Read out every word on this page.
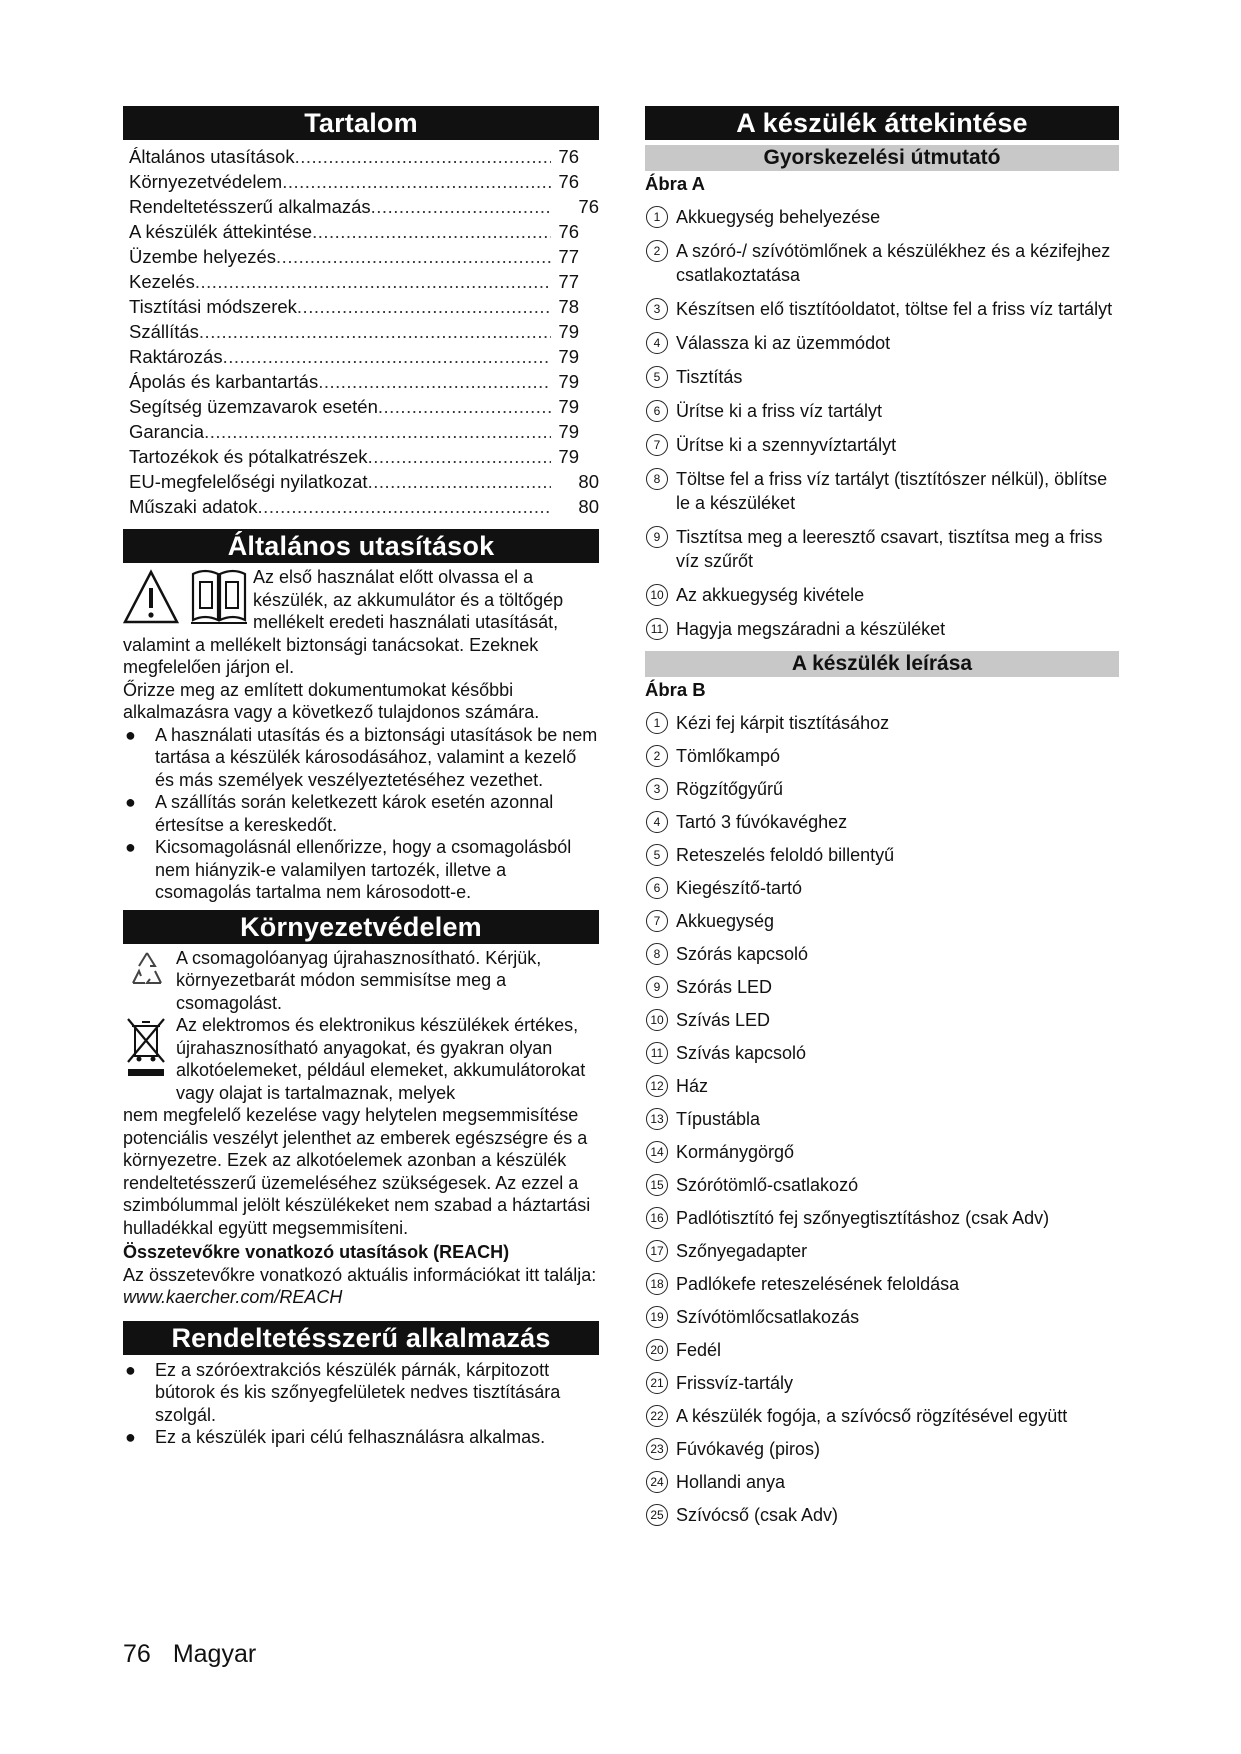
Tartalom
Általános utasítások .....	76
Környezetvédelem .....	76
Rendeltetésszerű alkalmazás .....	76
A készülék áttekintése .....	76
Üzembe helyezés .....	77
Kezelés .....	77
Tisztítási módszerek .....	78
Szállítás .....	79
Raktározás .....	79
Ápolás és karbantartás .....	79
Segítség üzemzavarok esetén .....	79
Garancia .....	79
Tartozékok és pótalkatrészek .....	79
EU-megfelelőségi nyilatkozat .....	80
Műszaki adatok .....	80
Általános utasítások
Az első használat előtt olvassa el a készülék, az akkumulátor és a töltőgép mellékelt eredeti használati utasítását,
valamint a mellékelt biztonsági tanácsokat. Ezeknek megfelelően járjon el.
Őrizze meg az említett dokumentumokat későbbi alkalmazásra vagy a következő tulajdonos számára.
● A használati utasítás és a biztonsági utasítások be nem tartása a készülék károsodásához, valamint a kezelő és más személyek veszélyeztetéséhez vezethet.
● A szállítás során keletkezett károk esetén azonnal értesítse a kereskedőt.
● Kicsomagolásnál ellenőrizze, hogy a csomagolásból nem hiányzik-e valamilyen tartozék, illetve a csomagolás tartalma nem károsodott-e.
Környezetvédelem
A csomagolóanyag újrahasznosítható. Kérjük, környezetbarát módon semmisítse meg a csomagolást.
Az elektromos és elektronikus készülékek értékes, újrahasznosítható anyagokat, és gyakran olyan alkotóelemeket, például elemeket, akkumulátorokat vagy olajat is tartalmaznak, melyek
nem megfelelő kezelése vagy helytelen megsemmisítése potenciális veszélyt jelenthet az emberek egészségre és a környezetre. Ezek az alkotóelemek azonban a készülék rendeltetésszerű üzemeléséhez szükségesek. Az ezzel a szimbólummal jelölt készülékeket nem szabad a háztartási hulladékkal együtt megsemmisíteni.
Összetevőkre vonatkozó utasítások (REACH)
Az összetevőkre vonatkozó aktuális információkat itt találja: www.kaercher.com/REACH
Rendeltetésszerű alkalmazás
● Ez a szóróextrakciós készülék párnák, kárpitozott bútorok és kis szőnyegfelületek nedves tisztítására szolgál.
● Ez a készülék ipari célú felhasználásra alkalmas.
A készülék áttekintése
Gyorskezelési útmutató
Ábra A
1 Akkuegység behelyezése
2 A szóró-/ szívótömlőnek a készülékhez és a kézifejhez csatlakoztatása
3 Készítsen elő tisztítóoldatot, töltse fel a friss víz tartályt
4 Válassza ki az üzemmódot
5 Tisztítás
6 Ürítse ki a friss víz tartályt
7 Ürítse ki a szennyvíztartályt
8 Töltse fel a friss víz tartályt (tisztítószer nélkül), öblítse le a készüléket
9 Tisztítsa meg a leeresztő csavart, tisztítsa meg a friss víz szűrőt
10 Az akkuegység kivétele
11 Hagyja megszáradni a készüléket
A készülék leírása
Ábra B
1 Kézi fej kárpit tisztításához
2 Tömlőkampó
3 Rögzítőgyűrű
4 Tartó 3 fúvókavéghez
5 Reteszelés feloldó billentyű
6 Kiegészítő-tartó
7 Akkuegység
8 Szórás kapcsoló
9 Szórás LED
10 Szívás LED
11 Szívás kapcsoló
12 Ház
13 Típustábla
14 Kormánygörgő
15 Szórótömlő-csatlakozó
16 Padlótisztító fej szőnyegtisztításhoz (csak Adv)
17 Szőnyegadapter
18 Padlókefe reteszelésének feloldása
19 Szívótömlőcsatlakozás
20 Fedél
21 Frissvíz-tartály
22 A készülék fogója, a szívócső rögzítésével együtt
23 Fúvókavég (piros)
24 Hollandi anya
25 Szívócső (csak Adv)
76 Magyar
